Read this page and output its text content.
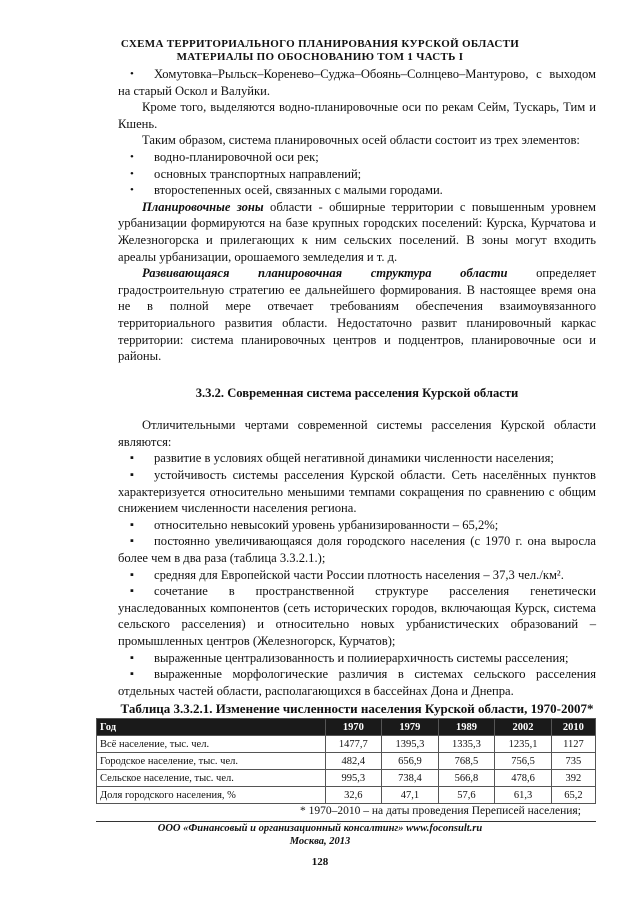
СХЕМА ТЕРРИТОРИАЛЬНОГО ПЛАНИРОВАНИЯ КУРСКОЙ ОБЛАСТИ
МАТЕРИАЛЫ ПО ОБОСНОВАНИЮ ТОМ 1 ЧАСТЬ I

• Хомутовка–Рыльск–Коренево–Суджа–Обоянь–Солнцево–Мантурово, с выходом на старый Оскол и Валуйки.

Кроме того, выделяются водно-планировочные оси по рекам Сейм, Тускарь, Тим и Кшень.

Таким образом, система планировочных осей области состоит из трех элементов:

• водно-планировочной оси рек;

• основных транспортных направлений;

• второстепенных осей, связанных с малыми городами.

Планировочные зоны области - обширные территории с повышенным уровнем урбанизации формируются на базе крупных городских поселений: Курска, Курчатова и Железногорска и прилегающих к ним сельских поселений. В зоны могут входить ареалы урбанизации, орошаемого земледелия и т. д.

Развивающаяся планировочная структура области определяет градостроительную стратегию ее дальнейшего формирования. В настоящее время она не в полной мере отвечает требованиям обеспечения взаимоувязанного территориального развития области. Недостаточно развит планировочный каркас территории: система планировочных центров и подцентров, планировочные оси и районы.

3.3.2. Современная система расселения Курской области

Отличительными чертами современной системы расселения Курской области являются:

▪ развитие в условиях общей негативной динамики численности населения;

▪ устойчивость системы расселения Курской области. Сеть населённых пунктов характеризуется относительно меньшими темпами сокращения по сравнению с общим снижением численности населения региона.

▪ относительно невысокий уровень урбанизированности – 65,2%;

▪ постоянно увеличивающаяся доля городского населения (с 1970 г. она выросла более чем в два раза (таблица 3.3.2.1.);

▪ средняя для Европейской части России плотность населения – 37,3 чел./км².

▪ сочетание в пространственной структуре расселения генетически унаследованных компонентов (сеть исторических городов, включающая Курск, система сельского расселения) и относительно новых урбанистических образований – промышленных центров (Железногорск, Курчатов);

▪ выраженные централизованность и полииерархичность системы расселения;

▪ выраженные морфологические различия в системах сельского расселения отдельных частей области, располагающихся в бассейнах Дона и Днепра.

Таблица 3.3.2.1. Изменение численности населения Курской области, 1970-2007*

Год	1970	1979	1989	2002	2010
Всё население, тыс. чел.	1477,7	1395,3	1335,3	1235,1	1127
Городское население, тыс. чел.	482,4	656,9	768,5	756,5	735
Сельское население, тыс. чел.	995,3	738,4	566,8	478,6	392
Доля городского населения, %	32,6	47,1	57,6	61,3	65,2
* 1970–2010 – на даты проведения Переписей населения;
ООО «Финансовый и организационный консалтинг» www.foconsult.ru
Москва, 2013
128
